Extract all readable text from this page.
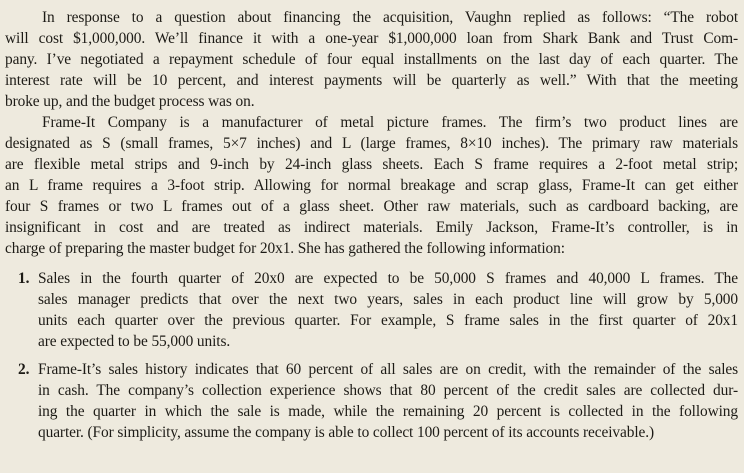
In response to a question about financing the acquisition, Vaughn replied as follows: “The robot
will cost $1,000,000. We’ll finance it with a one-year $1,000,000 loan from Shark Bank and Trust Com-
pany. I’ve negotiated a repayment schedule of four equal installments on the last day of each quarter. The
interest rate will be 10 percent, and interest payments will be quarterly as well.” With that the meeting
broke up, and the budget process was on.
Frame-It Company is a manufacturer of metal picture frames. The firm’s two product lines are
designated as S (small frames, 5×7 inches) and L (large frames, 8×10 inches). The primary raw materials
are flexible metal strips and 9-inch by 24-inch glass sheets. Each S frame requires a 2-foot metal strip;
an L frame requires a 3-foot strip. Allowing for normal breakage and scrap glass, Frame-It can get either
four S frames or two L frames out of a glass sheet. Other raw materials, such as cardboard backing, are
insignificant in cost and are treated as indirect materials. Emily Jackson, Frame-It’s controller, is in
charge of preparing the master budget for 20x1. She has gathered the following information:
1. Sales in the fourth quarter of 20x0 are expected to be 50,000 S frames and 40,000 L frames. The
sales manager predicts that over the next two years, sales in each product line will grow by 5,000
units each quarter over the previous quarter. For example, S frame sales in the first quarter of 20x1
are expected to be 55,000 units.
2. Frame-It’s sales history indicates that 60 percent of all sales are on credit, with the remainder of the sales
in cash. The company’s collection experience shows that 80 percent of the credit sales are collected dur-
ing the quarter in which the sale is made, while the remaining 20 percent is collected in the following
quarter. (For simplicity, assume the company is able to collect 100 percent of its accounts receivable.)
